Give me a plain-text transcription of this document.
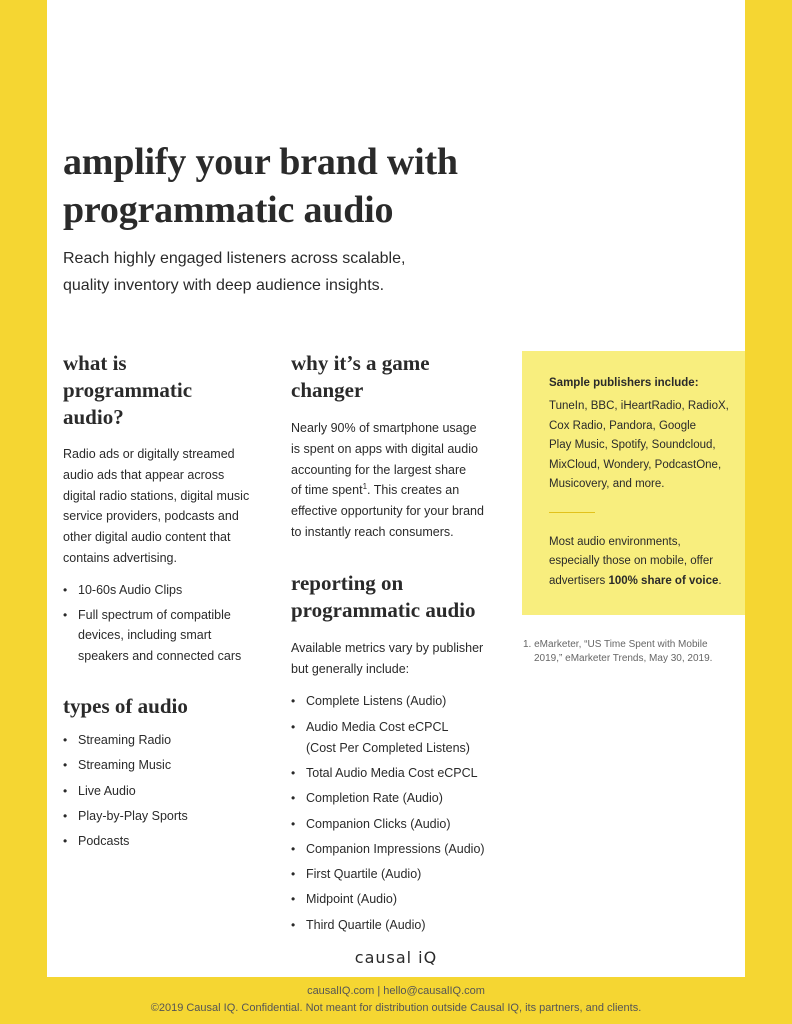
amplify your brand with
programmatic audio
Reach highly engaged listeners across scalable,
quality inventory with deep audience insights.
what is
programmatic
audio?

Radio ads or digitally streamed
audio ads that appear across
digital radio stations, digital music
service providers, podcasts and
other digital audio content that
contains advertising.

• 10-60s Audio Clips
• Full spectrum of compatible
devices, including smart
speakers and connected cars
types of audio
• Streaming Radio
• Streaming Music
• Live Audio
• Play-by-Play Sports
• Podcasts
why it’s a game
changer

Nearly 90% of smartphone usage
is spent on apps with digital audio
accounting for the largest share
of time spent$^1$. This creates an
effective opportunity for your brand
to instantly reach consumers.

reporting on
programmatic audio

Available metrics vary by publisher
but generally include:

• Complete Listens (Audio)
• Audio Media Cost eCPCL
(Cost Per Completed Listens)
• Total Audio Media Cost eCPCL
• Completion Rate (Audio)
• Companion Clicks (Audio)
• Companion Impressions (Audio)
• First Quartile (Audio)
• Midpoint (Audio)
• Third Quartile (Audio)
Sample publishers include:
TuneIn, BBC, iHeartRadio, RadioX,
Cox Radio, Pandora, Google
Play Music, Spotify, Soundcloud,
MixCloud, Wondery, PodcastOne,
Musicovery, and more.
Most audio environments,
especially those on mobile, offer
advertisers 100% share of voice.
1. eMarketer, “US Time Spent with Mobile
2019,” eMarketer Trends, May 30, 2019.
causal iQ
causalIQ.com | hello@causalIQ.com
©2019 Causal IQ. Confidential. Not meant for distribution outside Causal IQ, its partners, and clients.
